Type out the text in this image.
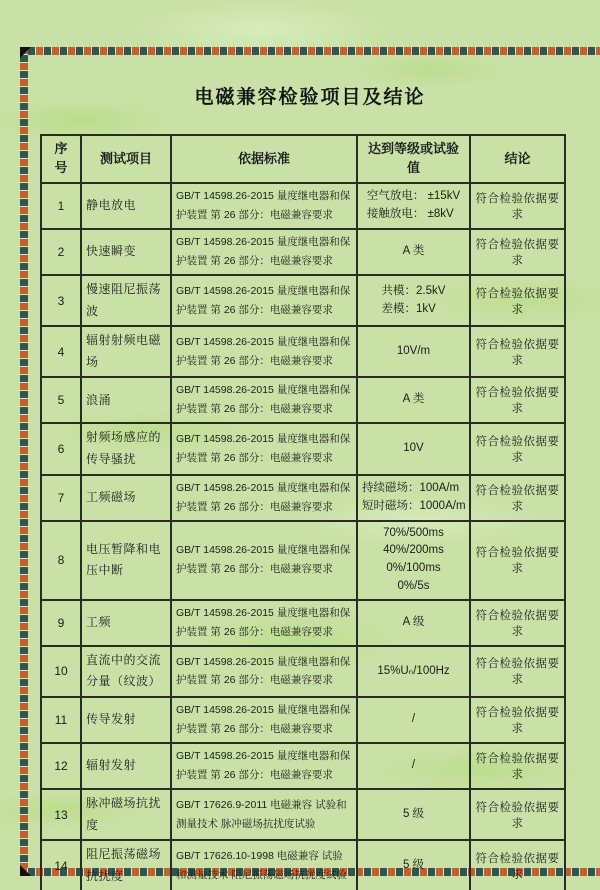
电磁兼容检验项目及结论
序号	测试项目	依据标准	达到等级或试验值	结论
1	静电放电	GB/T 14598.26-2015 量度继电器和保护装置 第 26 部分：电磁兼容要求	空气放电： ±15kV
接触放电： ±8kV	符合检验依据要求
2	快速瞬变	GB/T 14598.26-2015 量度继电器和保护装置 第 26 部分：电磁兼容要求	A 类	符合检验依据要求
3	慢速阻尼振荡波	GB/T 14598.26-2015 量度继电器和保护装置 第 26 部分：电磁兼容要求	共模：2.5kV
差模：1kV	符合检验依据要求
4	辐射射频电磁场	GB/T 14598.26-2015 量度继电器和保护装置 第 26 部分：电磁兼容要求	10V/m	符合检验依据要求
5	浪涌	GB/T 14598.26-2015 量度继电器和保护装置 第 26 部分：电磁兼容要求	A 类	符合检验依据要求
6	射频场感应的传导骚扰	GB/T 14598.26-2015 量度继电器和保护装置 第 26 部分：电磁兼容要求	10V	符合检验依据要求
7	工频磁场	GB/T 14598.26-2015 量度继电器和保护装置 第 26 部分：电磁兼容要求	持续磁场：100A/m
短时磁场：1000A/m	符合检验依据要求
8	电压暂降和电压中断	GB/T 14598.26-2015 量度继电器和保护装置 第 26 部分：电磁兼容要求	70%/500ms
40%/200ms
0%/100ms
0%/5s	符合检验依据要求
9	工频	GB/T 14598.26-2015 量度继电器和保护装置 第 26 部分：电磁兼容要求	A 级	符合检验依据要求
10	直流中的交流分量（纹波）	GB/T 14598.26-2015 量度继电器和保护装置 第 26 部分：电磁兼容要求	15%Uₙ/100Hz	符合检验依据要求
11	传导发射	GB/T 14598.26-2015 量度继电器和保护装置 第 26 部分：电磁兼容要求	/	符合检验依据要求
12	辐射发射	GB/T 14598.26-2015 量度继电器和保护装置 第 26 部分：电磁兼容要求	/	符合检验依据要求
13	脉冲磁场抗扰度	GB/T 17626.9-2011 电磁兼容 试验和测量技术 脉冲磁场抗扰度试验	5 级	符合检验依据要求
14	阻尼振荡磁场抗扰度	GB/T 17626.10-1998 电磁兼容 试验和测量技术 阻尼振荡磁场抗扰度试验	5 级	符合检验依据要求
